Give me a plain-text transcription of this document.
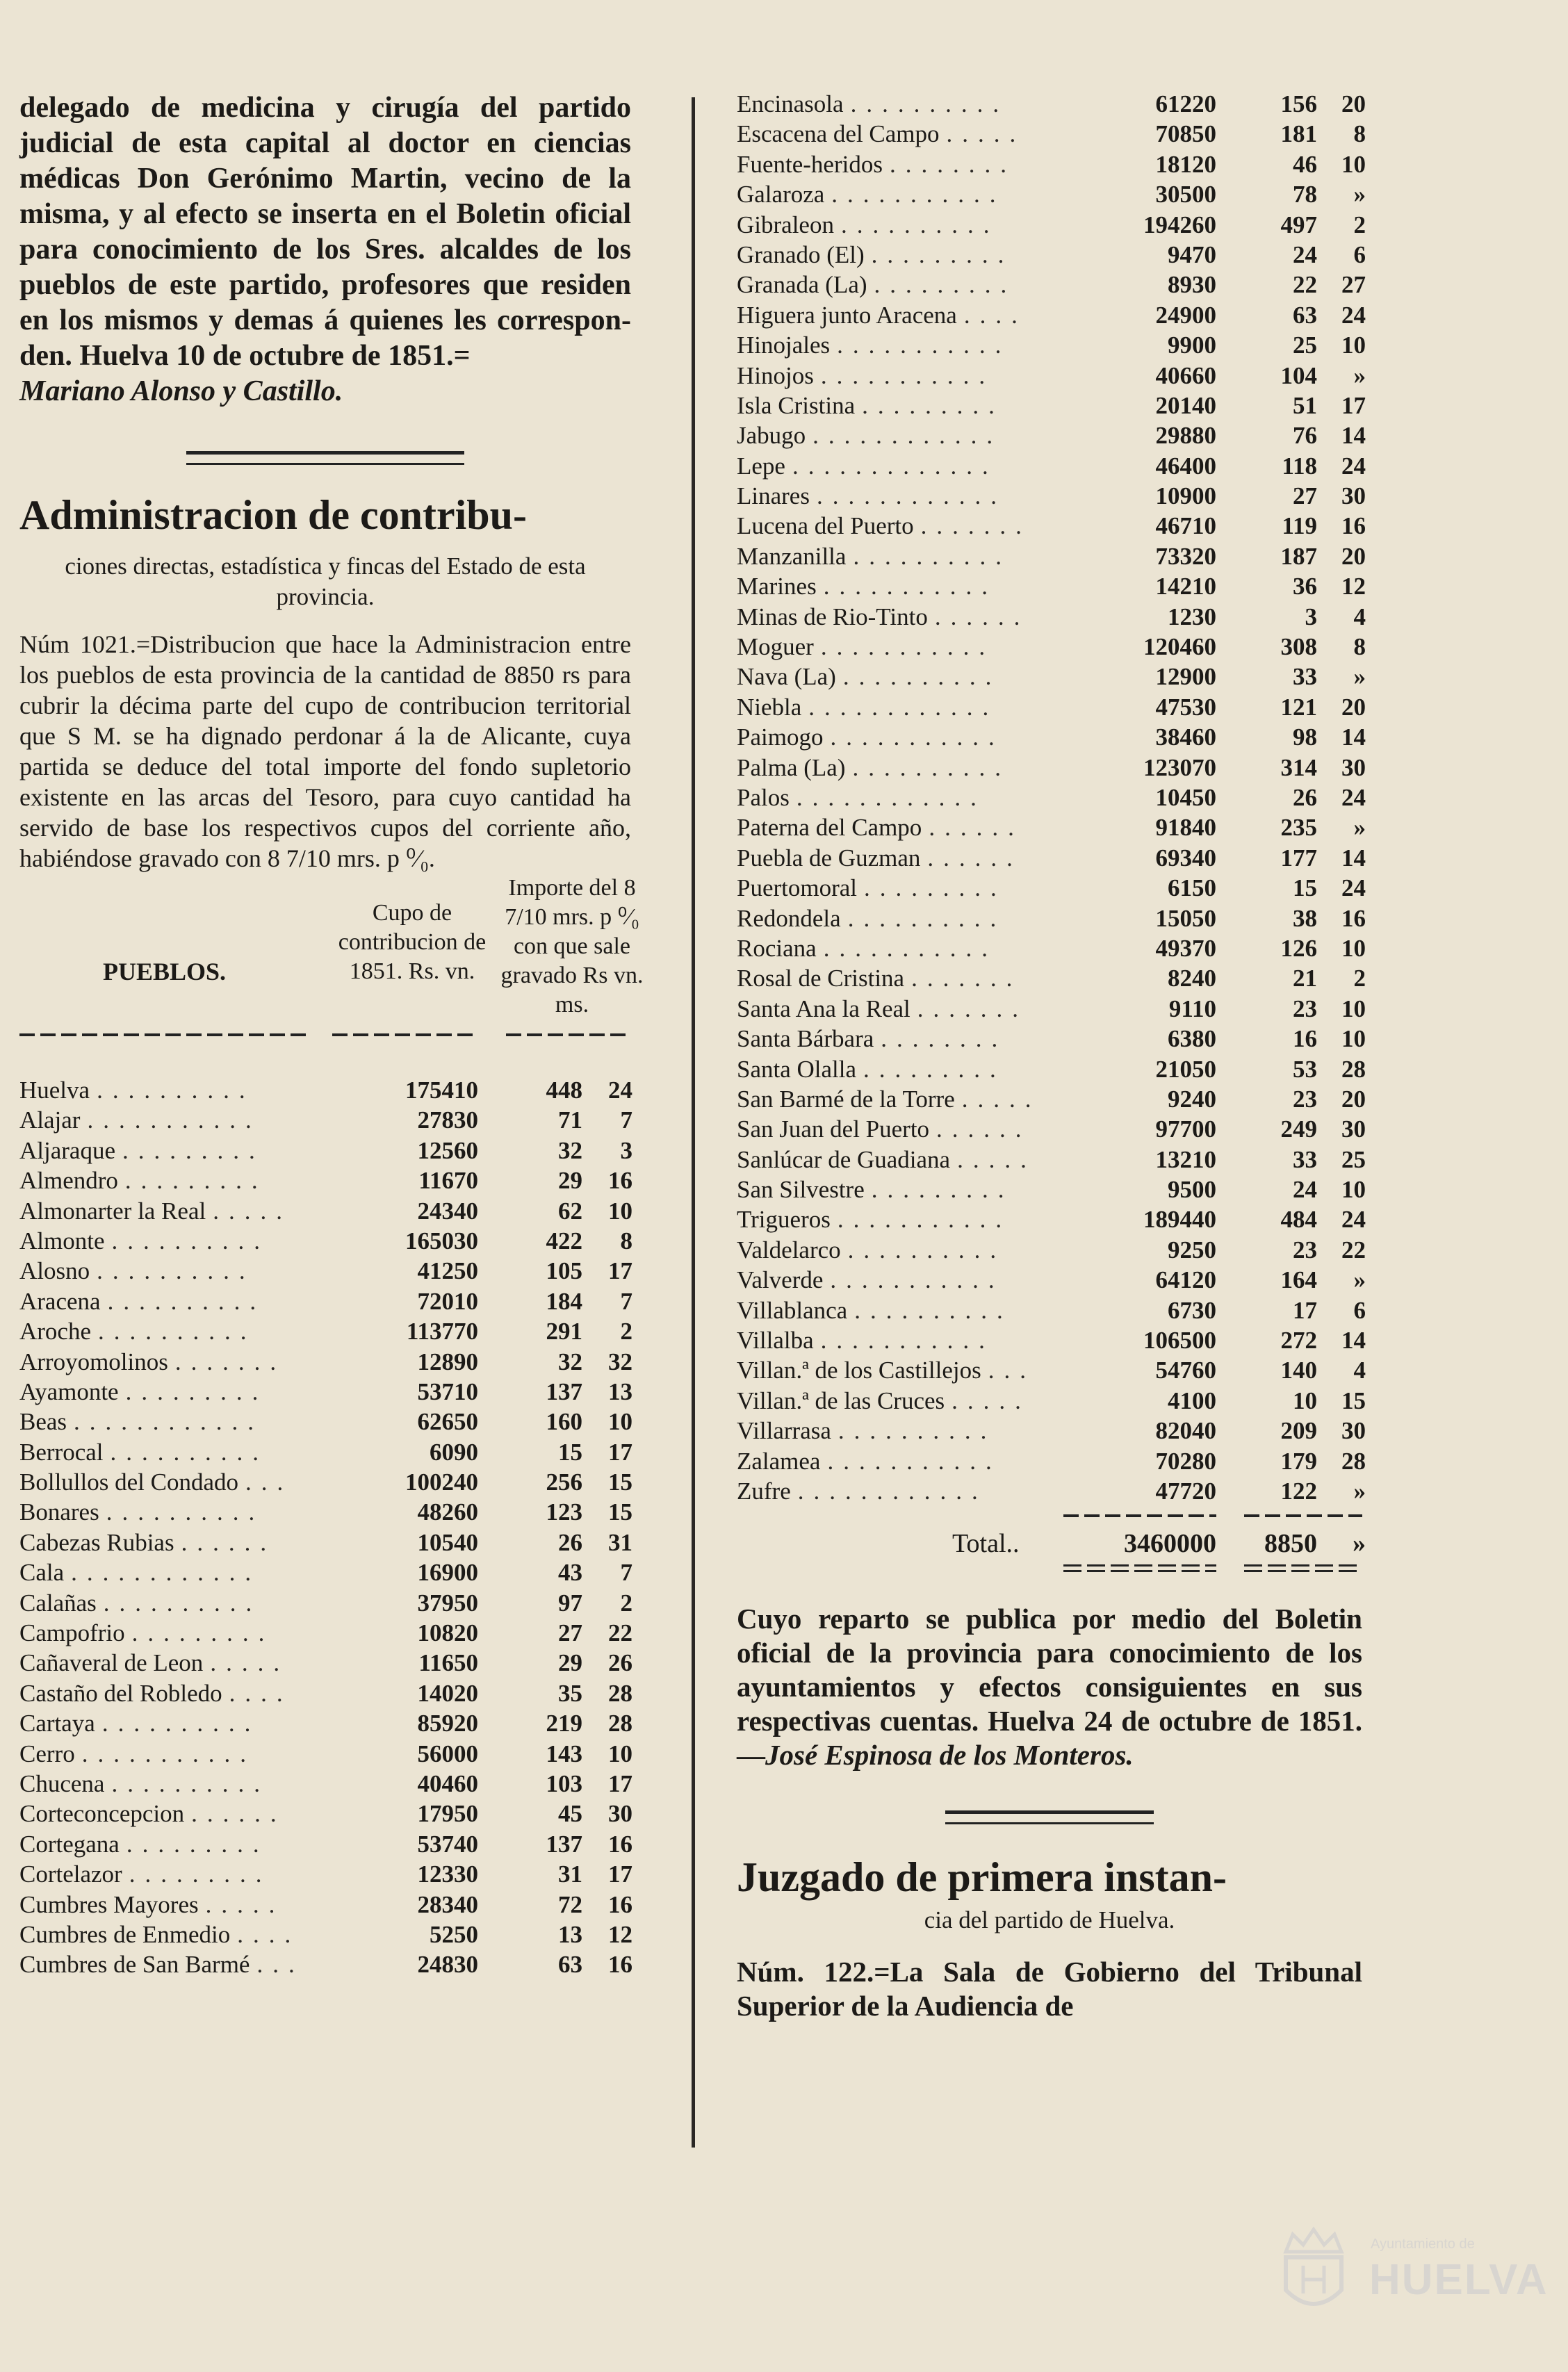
delegado de medicina y cirugía del partido judicial de esta capital al doctor en ciencias médicas Don Gerónimo Martin, vecino de la misma, y al efecto se inserta en el Boletin oficial para conocimiento de los Sres. alcaldes de los pueblos de este partido, profesores que residen en los mismos y demas á quienes les corresponden. Huelva 10 de octubre de 1851.=
Mariano Alonso y Castillo.

Administracion de contribu-

ciones directas, estadística y fincas del Estado de esta provincia.

Núm 1021.=Distribucion que hace la Administracion entre los pueblos de esta provincia de la cantidad de 8850 rs para cubrir la décima parte del cupo de contribucion territorial que S M. se ha dignado perdonar á la de Alicante, cuya partida se deduce del total importe del fondo supletorio existente en las arcas del Tesoro, para cuyo cantidad ha servido de base los respectivos cupos del corriente año, habiéndose gravado con 8 7/10 mrs. p ⁰⁄₀.

PUEBLOS.
Cupo de contribucion de 1851. Rs. vn.
Importe del 8 7/10 mrs. p ⁰⁄₀ con que sale gravado Rs vn. ms.
Huelva ..........	175410	448	24
Alajar ...........	27830	71	7
Aljaraque .........	12560	32	3
Almendro .........	11670	29	16
Almonarter la Real .....	24340	62	10
Almonte ..........	165030	422	8
Alosno ..........	41250	105	17
Aracena ..........	72010	184	7
Aroche ..........	113770	291	2
Arroyomolinos .......	12890	32	32
Ayamonte .........	53710	137	13
Beas ............	62650	160	10
Berrocal ..........	6090	15	17
Bollullos del Condado ...	100240	256	15
Bonares ..........	48260	123	15
Cabezas Rubias ......	10540	26	31
Cala ............	16900	43	7
Calañas ..........	37950	97	2
Campofrio .........	10820	27	22
Cañaveral de Leon .....	11650	29	26
Castaño del Robledo ....	14020	35	28
Cartaya ..........	85920	219	28
Cerro ...........	56000	143	10
Chucena ..........	40460	103	17
Corteconcepcion ......	17950	45	30
Cortegana .........	53740	137	16
Cortelazor .........	12330	31	17
Cumbres Mayores .....	28340	72	16
Cumbres de Enmedio ....	5250	13	12
Cumbres de San Barmé ...	24830	63	16
Encinasola ..........	61220	156	20
Escacena del Campo .....	70850	181	8
Fuente-heridos ........	18120	46	10
Galaroza ...........	30500	78	»
Gibraleon ..........	194260	497	2
Granado (El) .........	9470	24	6
Granada (La) .........	8930	22	27
Higuera junto Aracena ....	24900	63	24
Hinojales ...........	9900	25	10
Hinojos ...........	40660	104	»
Isla Cristina .........	20140	51	17
Jabugo ............	29880	76	14
Lepe .............	46400	118	24
Linares ............	10900	27	30
Lucena del Puerto .......	46710	119	16
Manzanilla ..........	73320	187	20
Marines ...........	14210	36	12
Minas de Rio-Tinto ......	1230	3	4
Moguer ...........	120460	308	8
Nava (La) ..........	12900	33	»
Niebla ............	47530	121	20
Paimogo ...........	38460	98	14
Palma (La) ..........	123070	314	30
Palos ............	10450	26	24
Paterna del Campo ......	91840	235	»
Puebla de Guzman ......	69340	177	14
Puertomoral .........	6150	15	24
Redondela ..........	15050	38	16
Rociana ...........	49370	126	10
Rosal de Cristina .......	8240	21	2
Santa Ana la Real .......	9110	23	10
Santa Bárbara ........	6380	16	10
Santa Olalla .........	21050	53	28
San Barmé de la Torre .....	9240	23	20
San Juan del Puerto ......	97700	249	30
Sanlúcar de Guadiana .....	13210	33	25
San Silvestre .........	9500	24	10
Trigueros ...........	189440	484	24
Valdelarco ..........	9250	23	22
Valverde ...........	64120	164	»
Villablanca ..........	6730	17	6
Villalba ...........	106500	272	14
Villan.ª de los Castillejos ...	54760	140	4
Villan.ª de las Cruces .....	4100	10	15
Villarrasa ..........	82040	209	30
Zalamea ...........	70280	179	28
Zufre ............	47720	122	»
Total..	3460000	8850	»

Cuyo reparto se publica por medio del Boletin oficial de la provincia para conocimiento de los ayuntamientos y efectos consiguientes en sus respectivas cuentas. Huelva 24 de octubre de 1851.—José Espinosa de los Monteros.

Juzgado de primera instan-

cia del partido de Huelva.

Núm. 122.=La Sala de Gobierno del Tribunal Superior de la Audiencia de

Ayuntamiento de
HUELVA
